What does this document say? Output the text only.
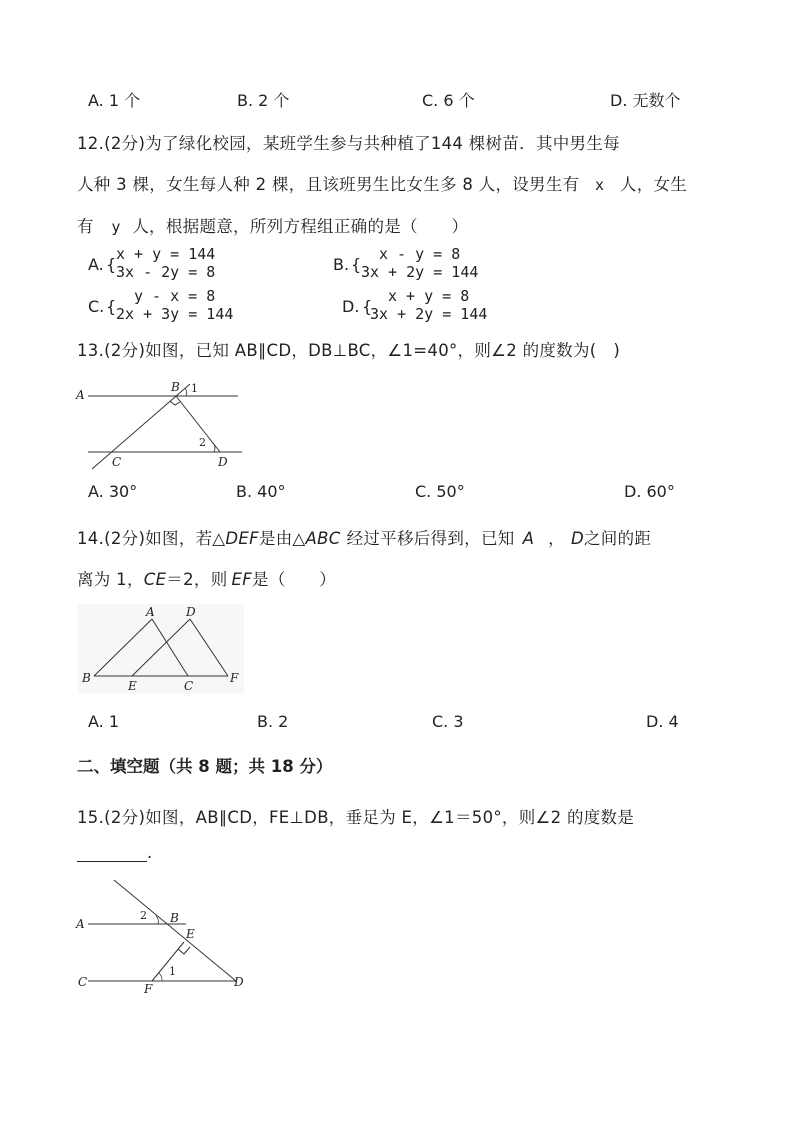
A. 1 个	B. 2 个	C. 6 个	D. 无数个
12.(2分)为了绿化校园，某班学生参与共种植了144 棵树苗．其中男生每
人种 3 棵，女生每人种 2 棵，且该班男生比女生多 8 人，设男生有 x 人，女生
有 y 人，根据题意，所列方程组正确的是（　　）
A. {
x + y = 144
3x - 2y = 8	B. {
x - y = 8
3x + 2y = 144
C. {
y - x = 8
2x + 3y = 144	D. {
x + y = 8
3x + 2y = 144
13.(2分)如图，已知 AB∥CD，DB⊥BC，∠1=40°，则∠2 的度数为(　)
A
B
C	D
1
2
A. 30°	B. 40°	C. 50°	D. 60°
14.(2分)如图，若△DEF是由△ABC 经过平移后得到，已知 A ， D之间的距
离为 1，CE＝2，则 EF是（　　）
A	D
B
E	C
F
A. 1	B. 2	C. 3	D. 4
二、填空题（共 8 题；共 18 分）
15.(2分)如图，AB∥CD，FE⊥DB，垂足为 E，∠1＝50°，则∠2 的度数是
.
A	B
E
C	F	D
1
2
